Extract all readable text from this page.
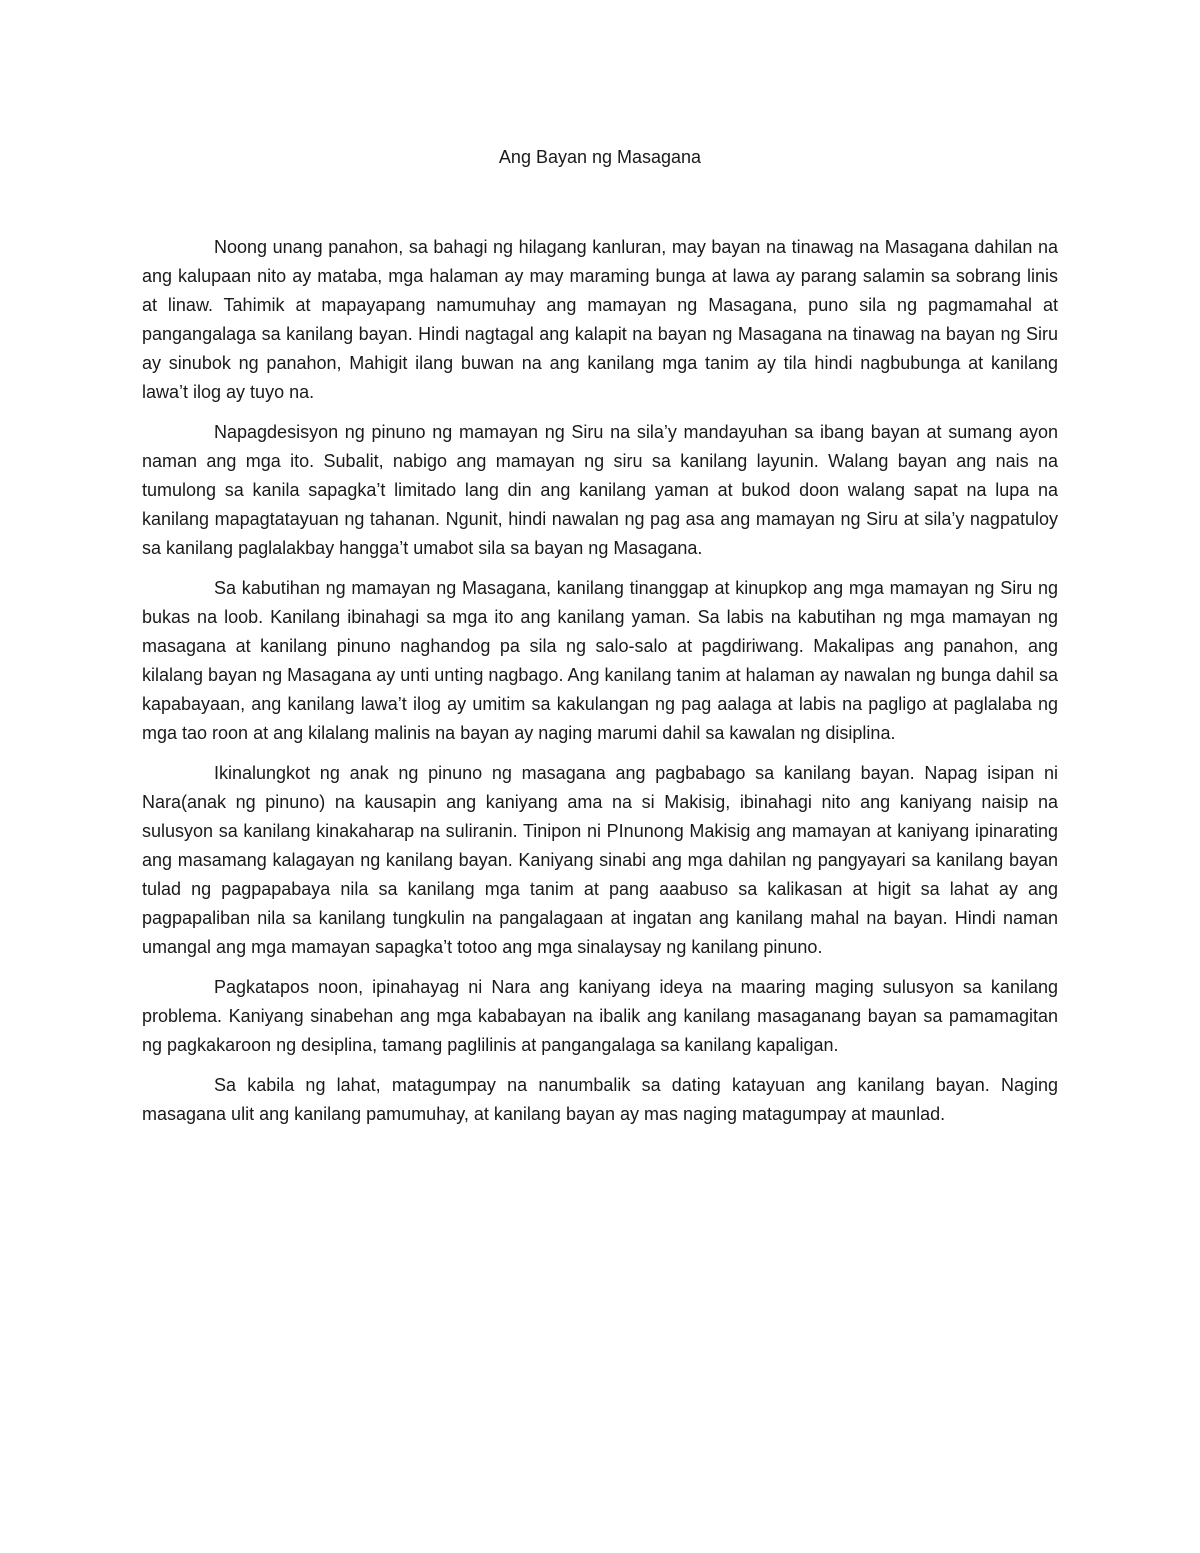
Ang Bayan ng Masagana

Noong unang panahon, sa bahagi ng hilagang kanluran, may bayan na tinawag na Masagana dahilan na ang kalupaan nito ay mataba, mga halaman ay may maraming bunga at lawa ay parang salamin sa sobrang linis at linaw. Tahimik at mapayapang namumuhay ang mamayan ng Masagana, puno sila ng pagmamahal at pangangalaga sa kanilang bayan. Hindi nagtagal ang kalapit na bayan ng Masagana na tinawag na bayan ng Siru ay sinubok ng panahon, Mahigit ilang buwan na ang kanilang mga tanim ay tila hindi nagbubunga at kanilang lawa’t ilog ay tuyo na.

Napagdesisyon ng pinuno ng mamayan ng Siru na sila’y mandayuhan sa ibang bayan at sumang ayon naman ang mga ito. Subalit, nabigo ang mamayan ng siru sa kanilang layunin. Walang bayan ang nais na tumulong sa kanila sapagka’t limitado lang din ang kanilang yaman at bukod doon walang sapat na lupa na kanilang mapagtatayuan ng tahanan. Ngunit, hindi nawalan ng pag asa ang mamayan ng Siru at sila’y nagpatuloy sa kanilang paglalakbay hangga’t umabot sila sa bayan ng Masagana.

Sa kabutihan ng mamayan ng Masagana, kanilang tinanggap at kinupkop ang mga mamayan ng Siru ng bukas na loob. Kanilang ibinahagi sa mga ito ang kanilang yaman. Sa labis na kabutihan ng mga mamayan ng masagana at kanilang pinuno naghandog pa sila ng salo-salo at pagdiriwang. Makalipas ang panahon, ang kilalang bayan ng Masagana ay unti unting nagbago. Ang kanilang tanim at halaman ay nawalan ng bunga dahil sa kapabayaan, ang kanilang lawa’t ilog ay umitim sa kakulangan ng pag aalaga at labis na pagligo at paglalaba ng mga tao roon at ang kilalang malinis na bayan ay naging marumi dahil sa kawalan ng disiplina.

Ikinalungkot ng anak ng pinuno ng masagana ang pagbabago sa kanilang bayan. Napag isipan ni Nara(anak ng pinuno) na kausapin ang kaniyang ama na si Makisig, ibinahagi nito ang kaniyang naisip na sulusyon sa kanilang kinakaharap na suliranin. Tinipon ni PInunong Makisig ang mamayan at kaniyang ipinarating ang masamang kalagayan ng kanilang bayan. Kaniyang sinabi ang mga dahilan ng pangyayari sa kanilang bayan tulad ng pagpapabaya nila sa kanilang mga tanim at pang aaabuso sa kalikasan at higit sa lahat ay ang pagpapaliban nila sa kanilang tungkulin na pangalagaan at ingatan ang kanilang mahal na bayan. Hindi naman umangal ang mga mamayan sapagka’t totoo ang mga sinalaysay ng kanilang pinuno.

Pagkatapos noon, ipinahayag ni Nara ang kaniyang ideya na maaring maging sulusyon sa kanilang problema. Kaniyang sinabehan ang mga kababayan na ibalik ang kanilang masaganang bayan sa pamamagitan ng pagkakaroon ng desiplina, tamang paglilinis at pangangalaga sa kanilang kapaligan.

Sa kabila ng lahat, matagumpay na nanumbalik sa dating katayuan ang kanilang bayan. Naging masagana ulit ang kanilang pamumuhay, at kanilang bayan ay mas naging matagumpay at maunlad.
